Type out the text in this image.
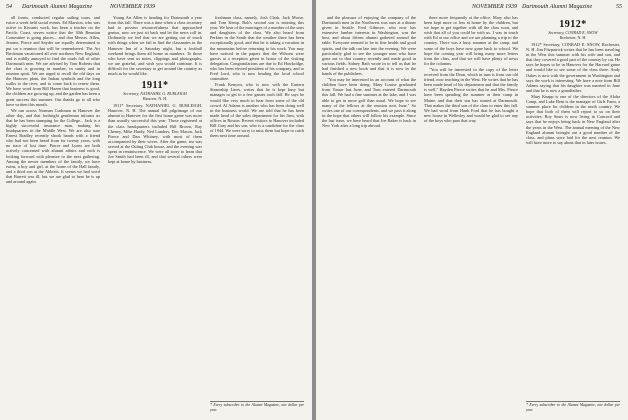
54 Dartmouth Alumni Magazine	NOVEMBER 1939

all fronts, conducted regular sailing tours, and twice a week held social events. Ed Marston, who was active in Kiwanis work, has been a teacher on the Pacific Coast, serves notice that the 30th Reunion Committee is going places... and that Messrs. Allen, Jerome, Pierce and Snyder are equally determined to put on a reunion that will be remembered. The Art Brickman vacationed all over northern New England, and is mildly annoyed to find the roads full of other Dartmouth men. We are advised by Tom Roberts that the class is growing in number, in sanity and in reunion spirit. We are urged to recall the old days on the Hanover plain, the Indian symbols and the long walks to the river, and to come back to renew them. We have word from Bill Hazen that business is good, the children are growing up, and the garden has been a great success this summer. Our thanks go to all who have written this month.

We ran across Norman Cushman in Hanover the other day, and that forthright gentleman informs us that he has been stumping for the College... Jack is a highly successful insurance man, making his headquarters in the Middle West. We are also sure Ernest Bradley recently shook hands with a friend who had not been heard from for twenty years, with no trace of lost time. Pierce and Lyons are both actively concerned with alumni affairs and each is looking forward with pleasure to the next gathering. Among the newer members of the family, we have twins, a boy and girl, at the home of the Hall family, and a third son at the Abbotts. It seems we had word that Barrett was ill, but we are glad to hear he is up and around again.

Young Art Allen is heading for Dartmouth a year from this fall. There was a time when a class secretary had to possess resourcefulness that approached genius, now we just sit back and let the news roll in. Ordinarily we feel that we are getting out of touch with things when we fail to find the classmates in the Hanover Inn of a Saturday night, but a football weekend brings them all home in numbers. To those who have sent us notes, clippings and photographs, we are grateful, and wish you would continue. It is difficult for the secretary to get around the country as much as he would like.

1911*
Secretary, NATHANIEL G. BURLEIGH
Hanover, N. H.

1911* Secretary, NATHANIEL G. BURLEIGH, Hanover, N. H. The annual fall pilgrimage of our alumni to Hanover for the first home game was more than usually successful this year. Those registered at the class headquarters included Bill Brown, Ray Cheney, Mike Hardy, Ned Landers, Doc Mason, Jack Pierce and Dan Whitney, with most of them accompanied by their wives. After the game, tea was served at the Outing Club house, and the evening was spent in reminiscence. We were all sorry to learn that Joe Smith had been ill, and that several others were kept at home by business.

freshman class, namely, Josh Clark, Jack Morse, and Tom Kemp. Bob's second son is entering this year. We hear of the marriages of a number of the sons and daughters of the class. We also heard from Perkins in the South that the weather there has been exceptionally good, and that he is taking a vacation in the mountains before returning to his work. You may have noticed in the papers that the Wilsons were guests at a reception given in honor of the visiting delegation. Congratulations are due to Ed Hawkridge, who has been elected president of his company, and to Fred Lord, who is now heading the local school committee.

Frank Kenyon, who is now with the Eastern Steamship Lines, writes that he is kept busy but manages to get to a few games each fall. He says he would like very much to hear from some of the old crowd. Al Adams is another who has been doing well in the business world. We are told that he has been made head of the sales department for his firm, with offices in Boston. Recent visitors to Hanover included Bill Gray and his son, who is a candidate for the class of 1944. We were sorry to miss them but hope to catch them next time around.

* Every subscriber to the Alumni Magazine, one dollar per year.
NOVEMBER 1939 Dartmouth Alumni Magazine	55

and the pleasure of enjoying the company of the Dartmouth men in the Northwest was ours at a dinner given in Seattle. Fred Gilmore, who now has extensive lumber interests in Washington, was the host, and about fifteen alumni gathered around the table. Everyone seemed to be in fine health and good spirits, and the talk ran late into the evening. We were particularly glad to see the younger men who have gone out to that country recently and made good in various fields. Sidney Bath wrote in to tell us that he had finished a new book and that it is now in the hands of the publishers.

"You may be interested in an account of what the children have been doing. Mary Louise graduated from Vassar last June, and Tom entered Dartmouth this fall. We had a fine summer at the lake, and I was able to get in more golf than usual. We hope to see many of the fellows at the reunion next June." So writes one of our correspondents, and we pass it along in the hope that others will follow his example. Since the last issue, we have heard that Joe Baker is back in New York after a long trip abroad.

there more frequently at the office. Mary also has been kept more or less at home by the children, but we hope to get together with all the class soon, and wish that all of you could be with us. I was in touch with Ed at our office and we are planning a trip to the country. There was a busy summer at the camp, and some of the boys have now gone back to school. We hope the coming year will bring many more letters from the class, and that we will have plenty of news for the columns.

"You will be interested in the copy of the letter received from the Dean, which in turn is from our old friend, now teaching in the West. He writes that he has been made head of his department and that the family is well." Hayden Pierce writes that he and Mrs. Pierce have been spending the summer at their camp in Maine, and that their son has started at Dartmouth. That makes the third son of the class to enter this fall. We had word from Hank Ford that he has bought a new house in Wellesley and would be glad to see any of the boys who pass that way.

1912*
Secretary, CONRAD E. SNOW
Rochester, N. H.

1912* Secretary, CONRAD E. SNOW, Rochester, N. H. Jim Fitzpatrick writes that he has been traveling in the West this summer with his wife and son, and that they covered a good part of the country by car. He says he hopes to be in Hanover for the Harvard game and would like to see some of the class there. Andy Oakes is now with the government in Washington and says the work is interesting. We have a note from Bill Adams saying that his daughter was married in June and that he is now a grandfather.

Mary Knapp is one of the directors of the Aloha Camp, and Luke Bent is the manager of Girls Farm, a summer place for children in the north country. We hope that both of them will report to us on their activities. Roy Sears is now living in Concord and says that he enjoys being back in New England after the years in the West. The annual meeting of the New England alumni brought out a good number of the class, and plans were laid for the next reunion. We will have more to say about that in later issues.

* Every subscriber to the Alumni Magazine, one dollar per year.
